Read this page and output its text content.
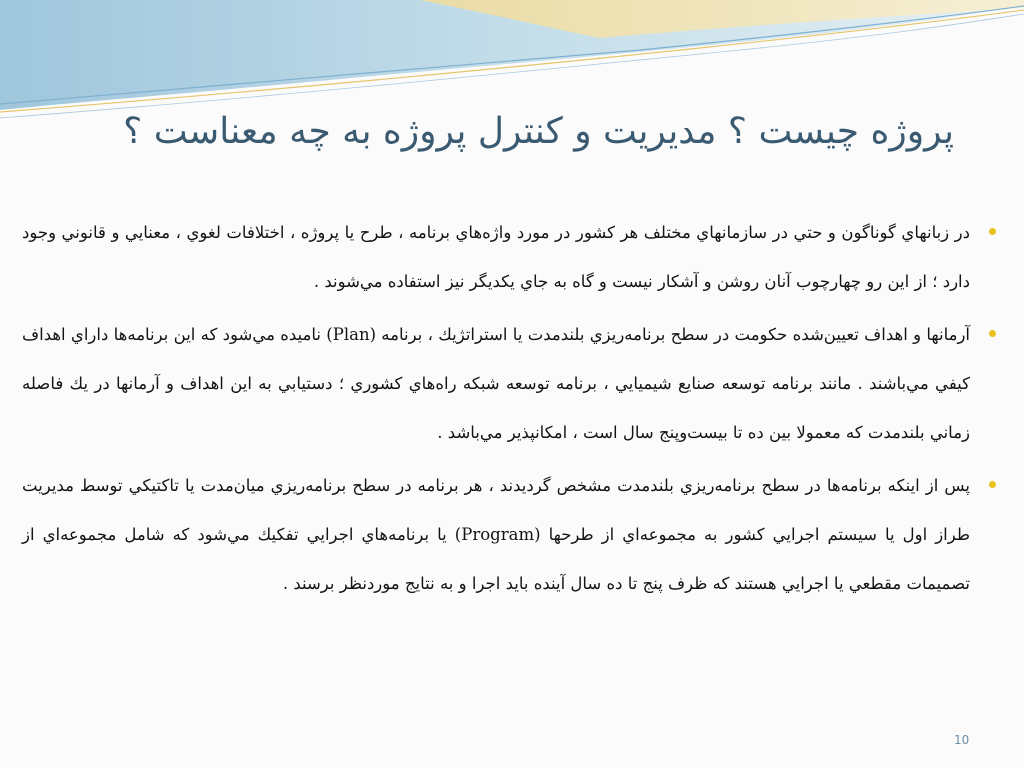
پروژه چيست ؟ مديريت و كنترل پروژه به چه معناست ؟
در زبانهاي گوناگون و حتي در سازمانهاي مختلف هر كشور در مورد واژه‌هاي برنامه ، طرح يا پروژه ، اختلافات لغوي ، معنايي و قانوني وجود دارد ؛ از اين رو چهارچوب آنان روشن و آشكار نيست و گاه به جاي يكديگر نيز استفاده مي‌شوند .
آرمانها و اهداف تعيين‌شده حكومت در سطح برنامه‌ريزي بلندمدت يا استراتژيك ، برنامه (Plan) ناميده مي‌شود كه اين برنامه‌ها داراي اهداف كيفي مي‌باشند . مانند برنامه توسعه صنايع شيميايي ، برنامه توسعه شبكه راه‌هاي كشوري ؛ دستيابي به اين اهداف و آرمانها در يك فاصله زماني بلندمدت كه معمولا بين ده تا بيست‌وپنج سال است ، امكانپذير مي‌باشد .
پس از اينكه برنامه‌ها در سطح برنامه‌ريزي بلندمدت مشخص گرديدند ، هر برنامه در سطح برنامه‌ريزي ميان‌مدت يا تاكتيكي توسط مديريت طراز اول يا سيستم اجرايي كشور به مجموعه‌اي از طرحها (Program) يا برنامه‌هاي اجرايي تفكيك مي‌شود كه شامل مجموعه‌اي از تصميمات مقطعي يا اجرايي هستند كه ظرف پنج تا ده سال آينده بايد اجرا و به نتايج موردنظر برسند .
10
